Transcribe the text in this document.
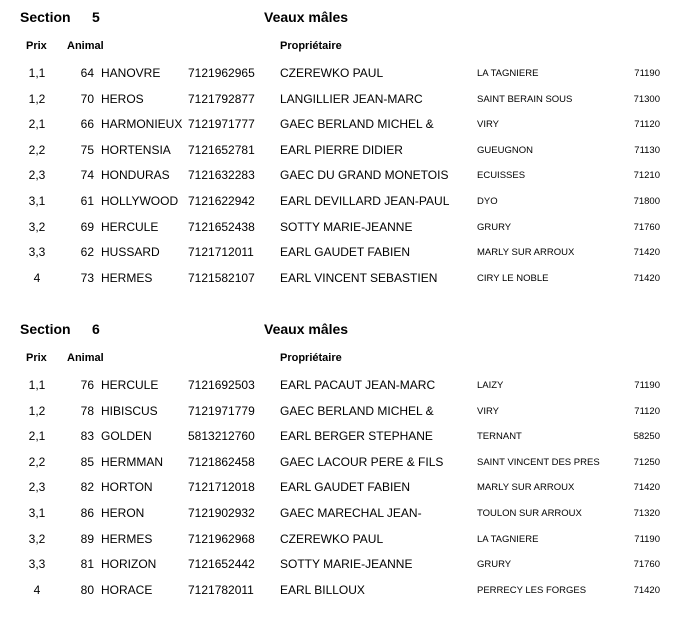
Section 5	Veaux mâles
Prix Animal	Propriétaire
1,1	64 HANOVRE 7121962965 CZEREWKO PAUL	LA TAGNIERE	71190
1,2	70 HEROS	7121792877 LANGILLIER JEAN-MARC	SAINT BERAIN SOUS	71300
2,1	66 HARMONIEUX 7121971777 GAEC BERLAND MICHEL &	VIRY	71120
2,2	75 HORTENSIA 7121652781 EARL PIERRE DIDIER	GUEUGNON	71130
2,3	74 HONDURAS 7121632283 GAEC DU GRAND MONETOIS	ECUISSES	71210
3,1	61 HOLLYWOOD 7121622942 EARL DEVILLARD JEAN-PAUL	DYO	71800
3,2	69 HERCULE 7121652438 SOTTY MARIE-JEANNE	GRURY	71760
3,3	62 HUSSARD 7121712011 EARL GAUDET FABIEN	MARLY SUR ARROUX	71420
4	73 HERMES	7121582107 EARL VINCENT SEBASTIEN	CIRY LE NOBLE	71420
Section 6	Veaux mâles
Prix Animal	Propriétaire
1,1	76 HERCULE 7121692503 EARL PACAUT JEAN-MARC	LAIZY	71190
1,2	78 HIBISCUS	7121971779 GAEC BERLAND MICHEL &	VIRY	71120
2,1	83 GOLDEN	5813212760 EARL BERGER STEPHANE	TERNANT	58250
2,2	85 HERMMAN 7121862458 GAEC LACOUR PERE & FILS	SAINT VINCENT DES PRES	71250
2,3	82 HORTON	7121712018 EARL GAUDET FABIEN	MARLY SUR ARROUX	71420
3,1	86 HERON	7121902932 GAEC MARECHAL JEAN-	TOULON SUR ARROUX	71320
3,2	89 HERMES	7121962968 CZEREWKO PAUL	LA TAGNIERE	71190
3,3	81 HORIZON	7121652442 SOTTY MARIE-JEANNE	GRURY	71760
4	80 HORACE	7121782011 EARL BILLOUX	PERRECY LES FORGES	71420
